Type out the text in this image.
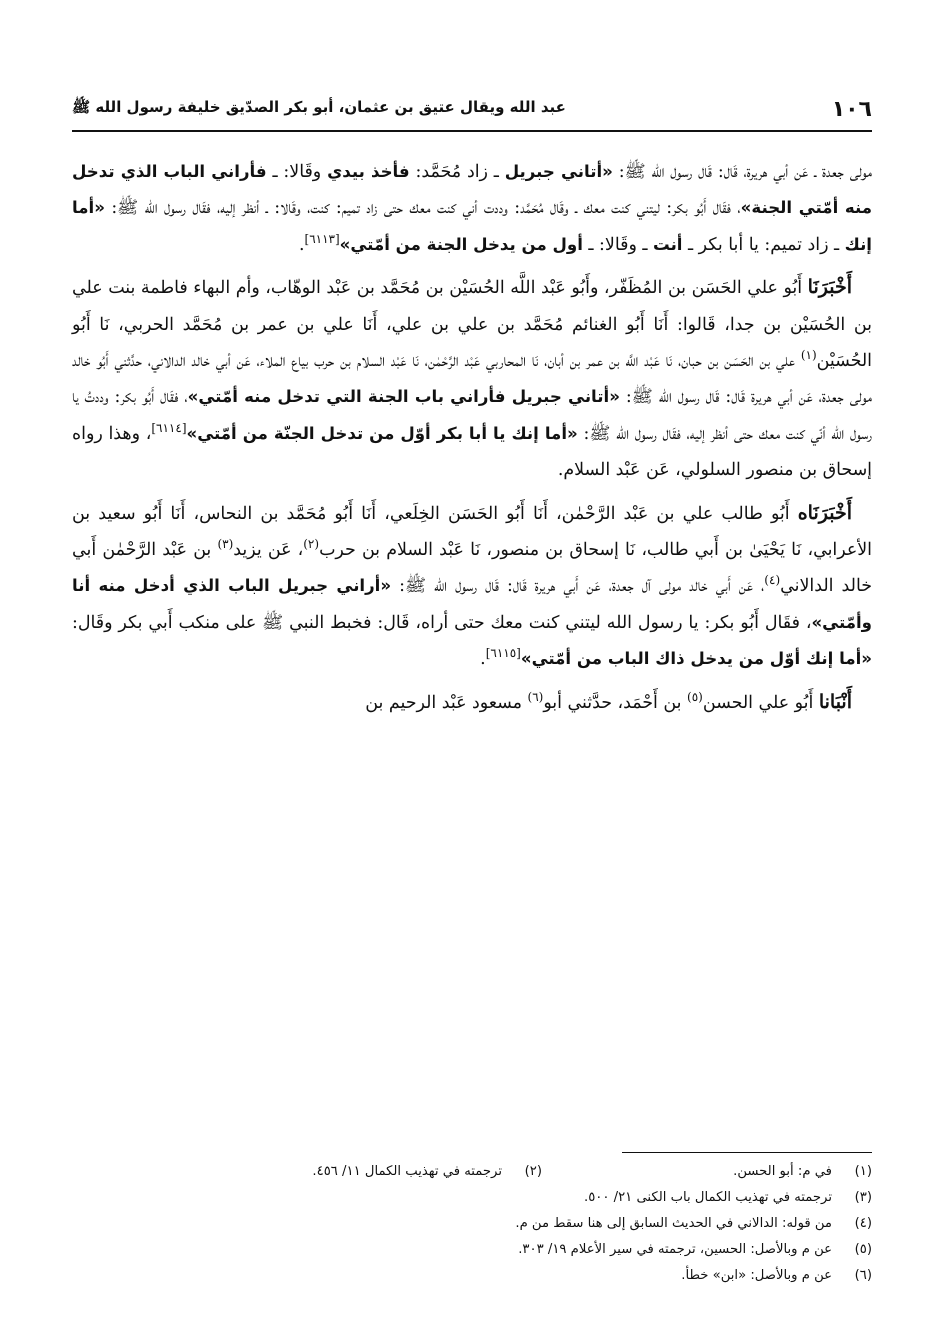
١٠٦
عبد الله ويقال عتيق بن عثمان، أبو بكر الصدّيق خليفة رسول الله ﷺ

مولى جعدة ـ عَن أبي هريرة، قَال: قَال رسول الله ﷺ: «أتاني جبريل ـ زاد مُحَمَّد: فأخذ بيدي وقَالا: ـ فأراني الباب الذي تدخل منه أمّتي الجنة»، فقَال أَبُو بكر: ليتني كنت معك ـ وقَال مُحَمَّد: وددت أني كنت معك حتى زاد تميم: كنت، وقَالا: ـ أنظر إليه، فقَال رسول الله ﷺ: «أما إنك ـ زاد تميم: يا أبا بكر ـ أنت ـ وقَالا: ـ أول من يدخل الجنة من أمّتي»[٦١١٣].

أَخْبَرَنَا أَبُو علي الحَسَن بن المُظَفّر، وأَبُو عَبْد اللَّه الحُسَيْن بن مُحَمَّد بن عَبْد الوهّاب، وأم البهاء فاطمة بنت علي بن الحُسَيْن بن جدا، قَالوا: أَنَا أَبُو الغنائم مُحَمَّد بن علي بن علي، أَنَا علي بن عمر بن مُحَمَّد الحربي، نَا أَبُو الحُسَيْن$^{(١)}$ علي بن الحَسَن بن حبان، نَا عَبْد اللَّه بن عمر بن أبان، نَا المحاربي عَبْد الرَّحْمٰن، نَا عَبْد السلام بن حرب بياع الملاء، عَن أبي خالد الدالاني، حدَّثني أَبُو خالد مولى جعدة، عَن أبي هريرة قَال: قَال رسول الله ﷺ: «أتاني جبريل فأراني باب الجنة التي تدخل منه أمّتي»، فقَال أَبُو بكر: وددتُ يا رسول الله أنّي كنت معك حتى أنظر إليه، فقَال رسول الله ﷺ: «أما إنك يا أبا بكر أوّل من تدخل الجنّة من أمّتي»[٦١١٤]، وهذا رواه إسحاق بن منصور السلولي، عَن عَبْد السلام.

أَخْبَرَنَاه أَبُو طالب علي بن عَبْد الرَّحْمٰن، أَنَا أَبُو الحَسَن الخِلَعي، أَنَا أَبُو مُحَمَّد بن النحاس، أَنَا أَبُو سعيد بن الأعرابي، نَا يَحْيَىٰ بن أَبي طالب، نَا إسحاق بن منصور، نَا عَبْد السلام بن حرب$^{(٢)}$، عَن يزيد$^{(٣)}$ بن عَبْد الرَّحْمٰن أَبي خالد الدالاني$^{(٤)}$، عَن أَبي خالد مولى آل جعدة، عَن أَبي هريرة قَال: قَال رسول الله ﷺ: «أراني جبريل الباب الذي أدخل منه أنا وأمّتي»، فقَال أَبُو بكر: يا رسول الله ليتني كنت معك حتى أراه، قَال: فخبط النبي ﷺ على منكب أَبي بكر وقَال: «أما إنك أوّل من يدخل ذاك الباب من أمّتي»[٦١١٥].

أَنْبَانا أَبُو علي الحسن$^{(٥)}$ بن أَحْمَد، حدَّثني أبو$^{(٦)}$ مسعود عَبْد الرحيم بن

(١)
في م: أبو الحسن.
(٢)
ترجمته في تهذيب الكمال ١١/ ٤٥٦.
(٣)
ترجمته في تهذيب الكمال باب الكنى ٢١/ ٥٠٠.
(٤)
من قوله: الدالاني في الحديث السابق إلى هنا سقط من م.
(٥)
عن م وبالأصل: الحسين، ترجمته في سير الأعلام ١٩/ ٣٠٣.
(٦)
عن م وبالأصل: «ابن» خطأ.
